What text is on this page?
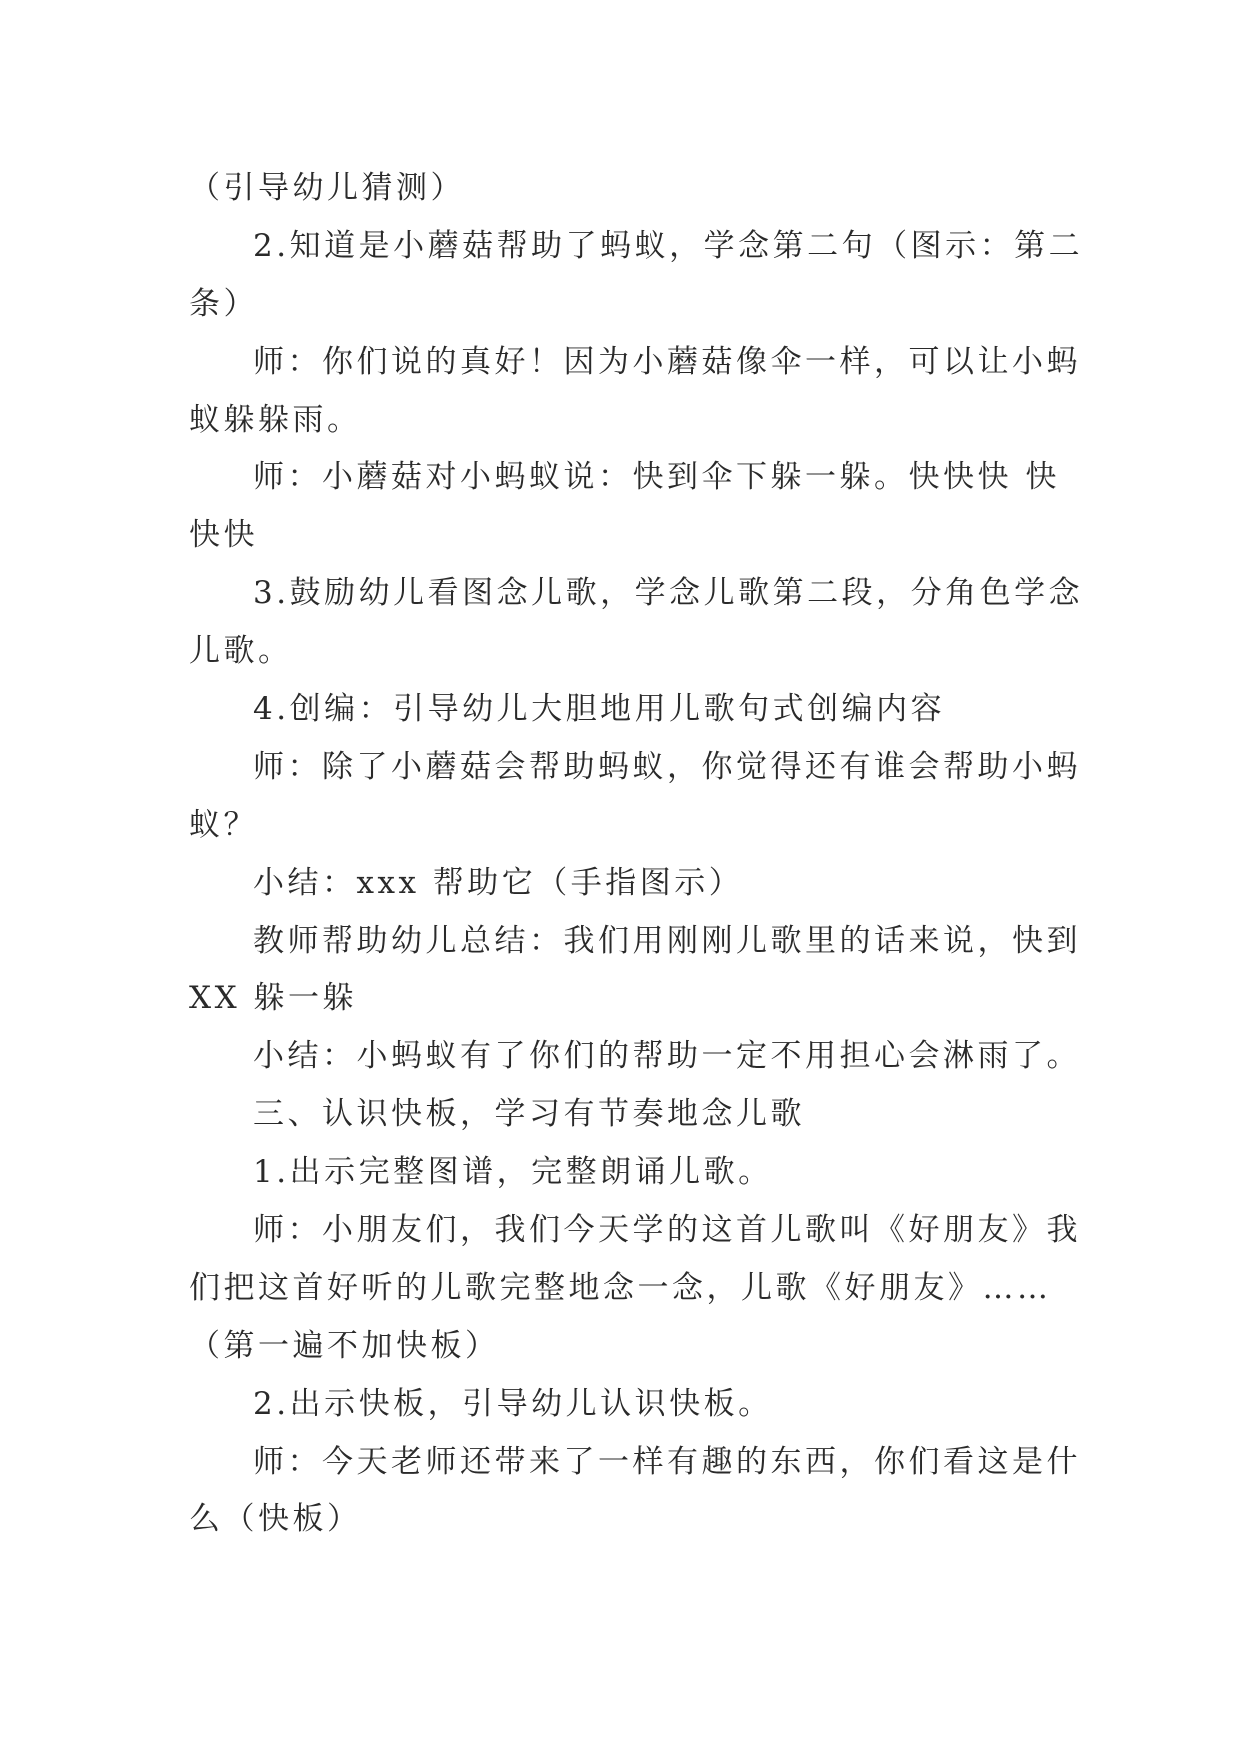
（引导幼儿猜测）
2.知道是小蘑菇帮助了蚂蚁，学念第二句（图示：第二
条）
师：你们说的真好！因为小蘑菇像伞一样，可以让小蚂
蚁躲躲雨。
师：小蘑菇对小蚂蚁说：快到伞下躲一躲。快快快 快
快快
3.鼓励幼儿看图念儿歌，学念儿歌第二段，分角色学念
儿歌。
4.创编：引导幼儿大胆地用儿歌句式创编内容
师：除了小蘑菇会帮助蚂蚁，你觉得还有谁会帮助小蚂
蚁？
小结：xxx 帮助它（手指图示）
教师帮助幼儿总结：我们用刚刚儿歌里的话来说，快到
XX 躲一躲
小结：小蚂蚁有了你们的帮助一定不用担心会淋雨了。
三、认识快板，学习有节奏地念儿歌
1.出示完整图谱，完整朗诵儿歌。
师：小朋友们，我们今天学的这首儿歌叫《好朋友》我
们把这首好听的儿歌完整地念一念，儿歌《好朋友》……
（第一遍不加快板）
2.出示快板，引导幼儿认识快板。
师：今天老师还带来了一样有趣的东西，你们看这是什
么（快板）
